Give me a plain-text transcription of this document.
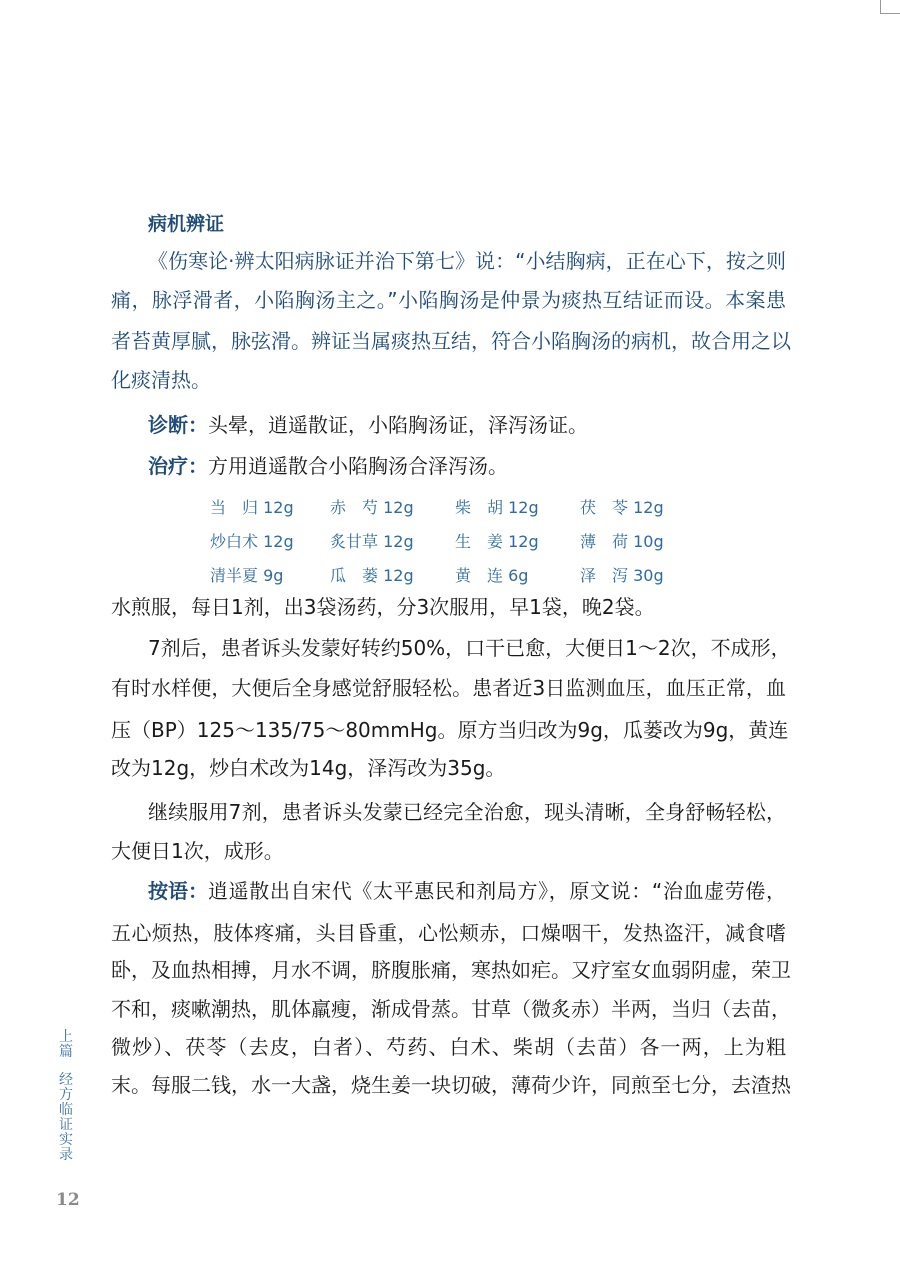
病机辨证
《伤寒论·辨太阳病脉证并治下第七》说：“小结胸病，正在心下，按之则
痛，脉浮滑者，小陷胸汤主之。”小陷胸汤是仲景为痰热互结证而设。本案患
者苔黄厚腻，脉弦滑。辨证当属痰热互结，符合小陷胸汤的病机，故合用之以
化痰清热。
诊断：头晕，逍遥散证，小陷胸汤证，泽泻汤证。
治疗：方用逍遥散合小陷胸汤合泽泻汤。
当　归 12g 赤　芍 12g	柴　胡 12g	茯　苓 12g
炒白术 12g 炙甘草 12g	生　姜 12g	薄　荷 10g
清半夏 9g	瓜　蒌 12g	黄　连 6g	泽　泻 30g
水煎服，每日1剂，出3袋汤药，分3次服用，早1袋，晚2袋。
7剂后，患者诉头发蒙好转约50%，口干已愈，大便日1～2次，不成形，
有时水样便，大便后全身感觉舒服轻松。患者近3日监测血压，血压正常，血
压（BP）125～135/75～80mmHg。原方当归改为9g，瓜蒌改为9g，黄连
改为12g，炒白术改为14g，泽泻改为35g。
继续服用7剂，患者诉头发蒙已经完全治愈，现头清晰，全身舒畅轻松，
大便日1次，成形。
按语： 逍遥散出自宋代《太平惠民和剂局方》，原文说：“治血虚劳倦，
五心烦热，肢体疼痛，头目昏重，心忪颊赤，口燥咽干，发热盗汗，减食嗜
卧，及血热相搏，月水不调，脐腹胀痛，寒热如疟。又疗室女血弱阴虚，荣卫
不和，痰嗽潮热，肌体羸瘦，渐成骨蒸。甘草（微炙赤）半两，当归（去苗，
微炒）、茯苓（去皮，白者）、芍药、白术、柴胡（去苗）各一两，上为粗
末。每服二钱，水一大盏，烧生姜一块切破，薄荷少许，同煎至七分，去渣热
上篇
经方临证实录
12
